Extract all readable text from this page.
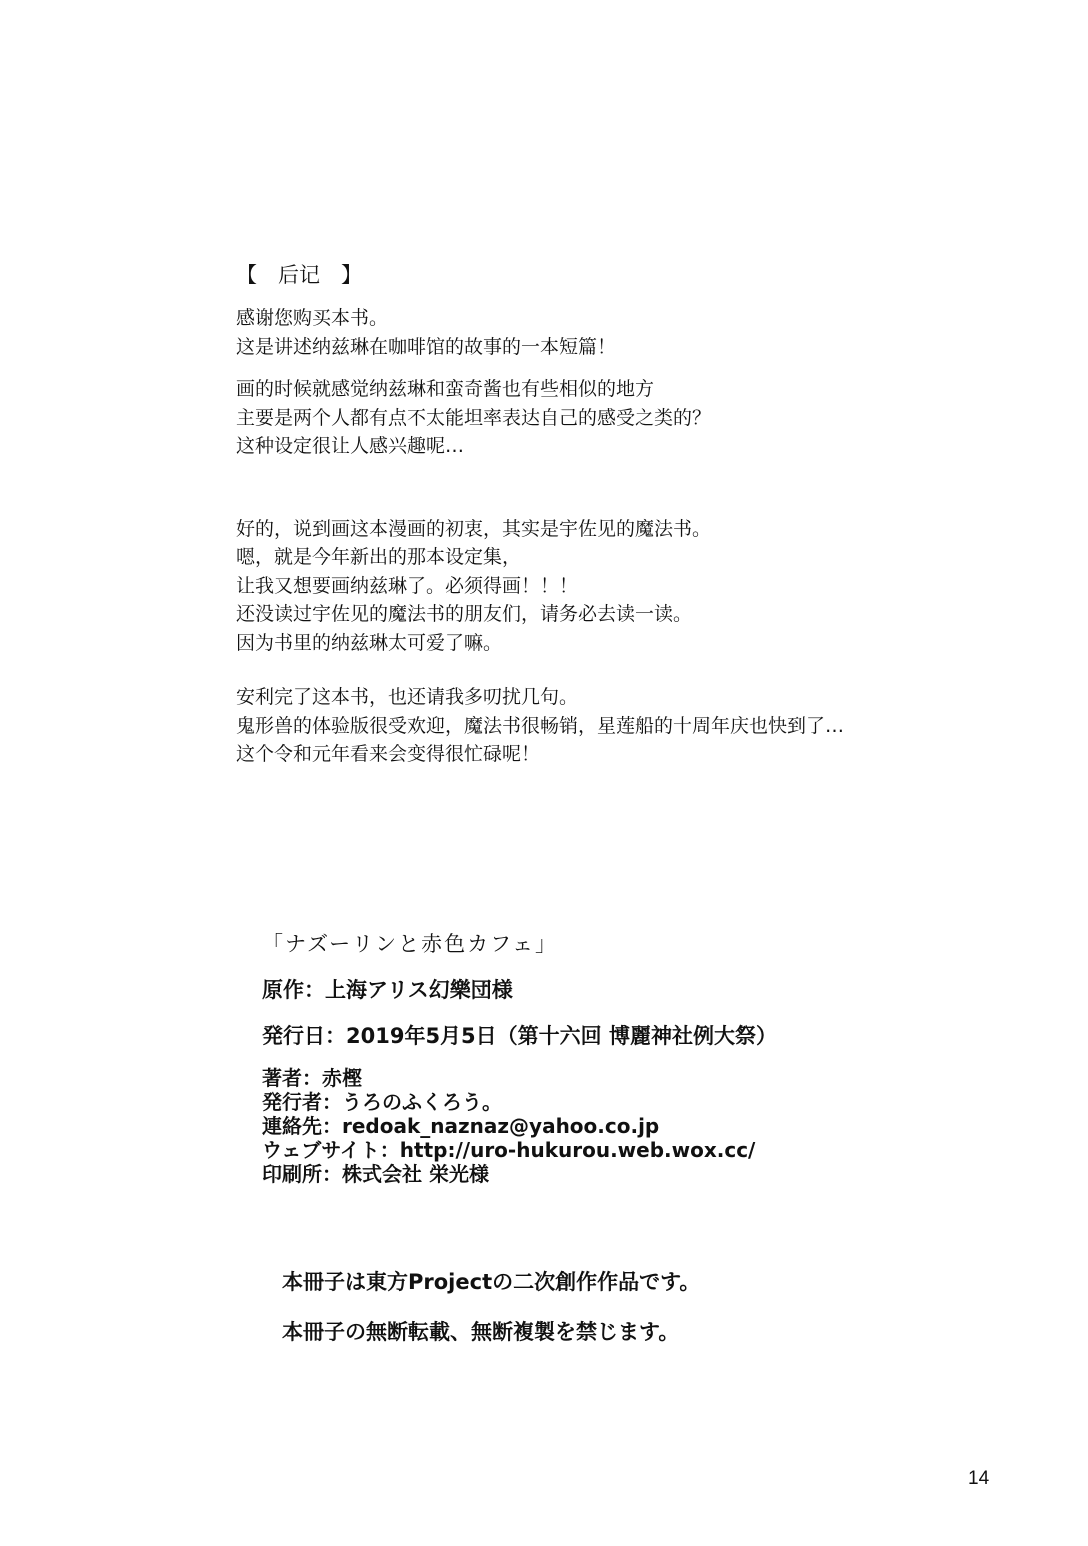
【　后记　】
感谢您购买本书。
这是讲述纳兹琳在咖啡馆的故事的一本短篇！
画的时候就感觉纳兹琳和蛮奇酱也有些相似的地方
主要是两个人都有点不太能坦率表达自己的感受之类的？
这种设定很让人感兴趣呢…
好的，说到画这本漫画的初衷，其实是宇佐见的魔法书。
嗯，就是今年新出的那本设定集，
让我又想要画纳兹琳了。必须得画！！！
还没读过宇佐见的魔法书的朋友们，请务必去读一读。
因为书里的纳兹琳太可爱了嘛。
安利完了这本书，也还请我多叨扰几句。
鬼形兽的体验版很受欢迎，魔法书很畅销，星莲船的十周年庆也快到了…
这个令和元年看来会变得很忙碌呢！
「ナズーリンと赤色カフェ」
原作：上海アリス幻樂団様
発行日：2019年5月5日（第十六回 博麗神社例大祭）
著者：赤樫
発行者：うろのふくろう。
連絡先：redoak_naznaz@yahoo.co.jp
ウェブサイト：http://uro-hukurou.web.wox.cc/
印刷所：株式会社 栄光様
本冊子は東方Projectの二次創作作品です。
本冊子の無断転載、無断複製を禁じます。
14
